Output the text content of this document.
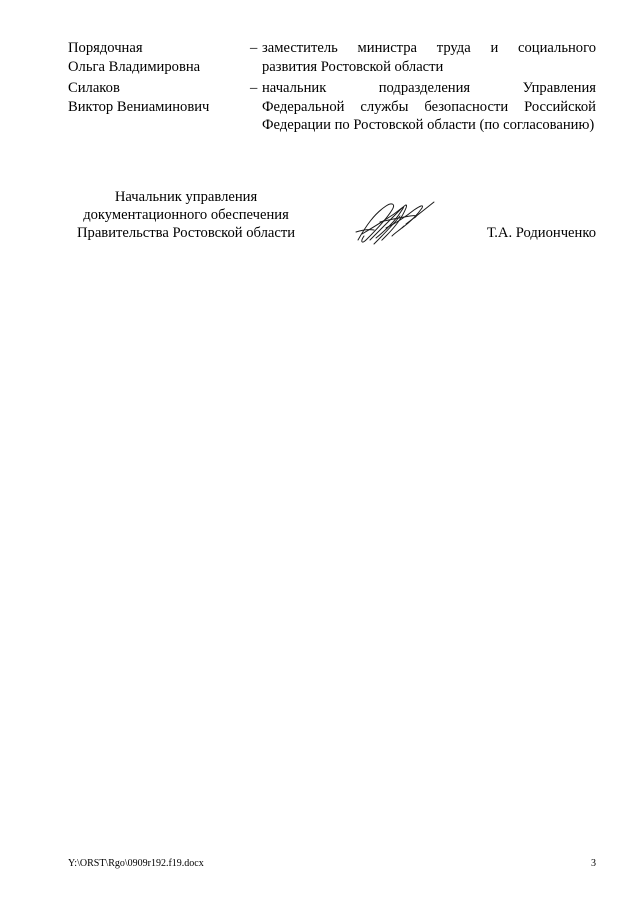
Порядочная
Ольга Владимировна
– заместитель министра труда и социального
развития Ростовской области
Силаков
Виктор Вениаминович
– начальник подразделения Управления
Федеральной службы безопасности Российской
Федерации по Ростовской области (по согласованию)
Начальник управления
документационного обеспечения
Правительства Ростовской области	Т.А. Родионченко
Y:\ORST\Rgo\0909r192.f19.docx	3
